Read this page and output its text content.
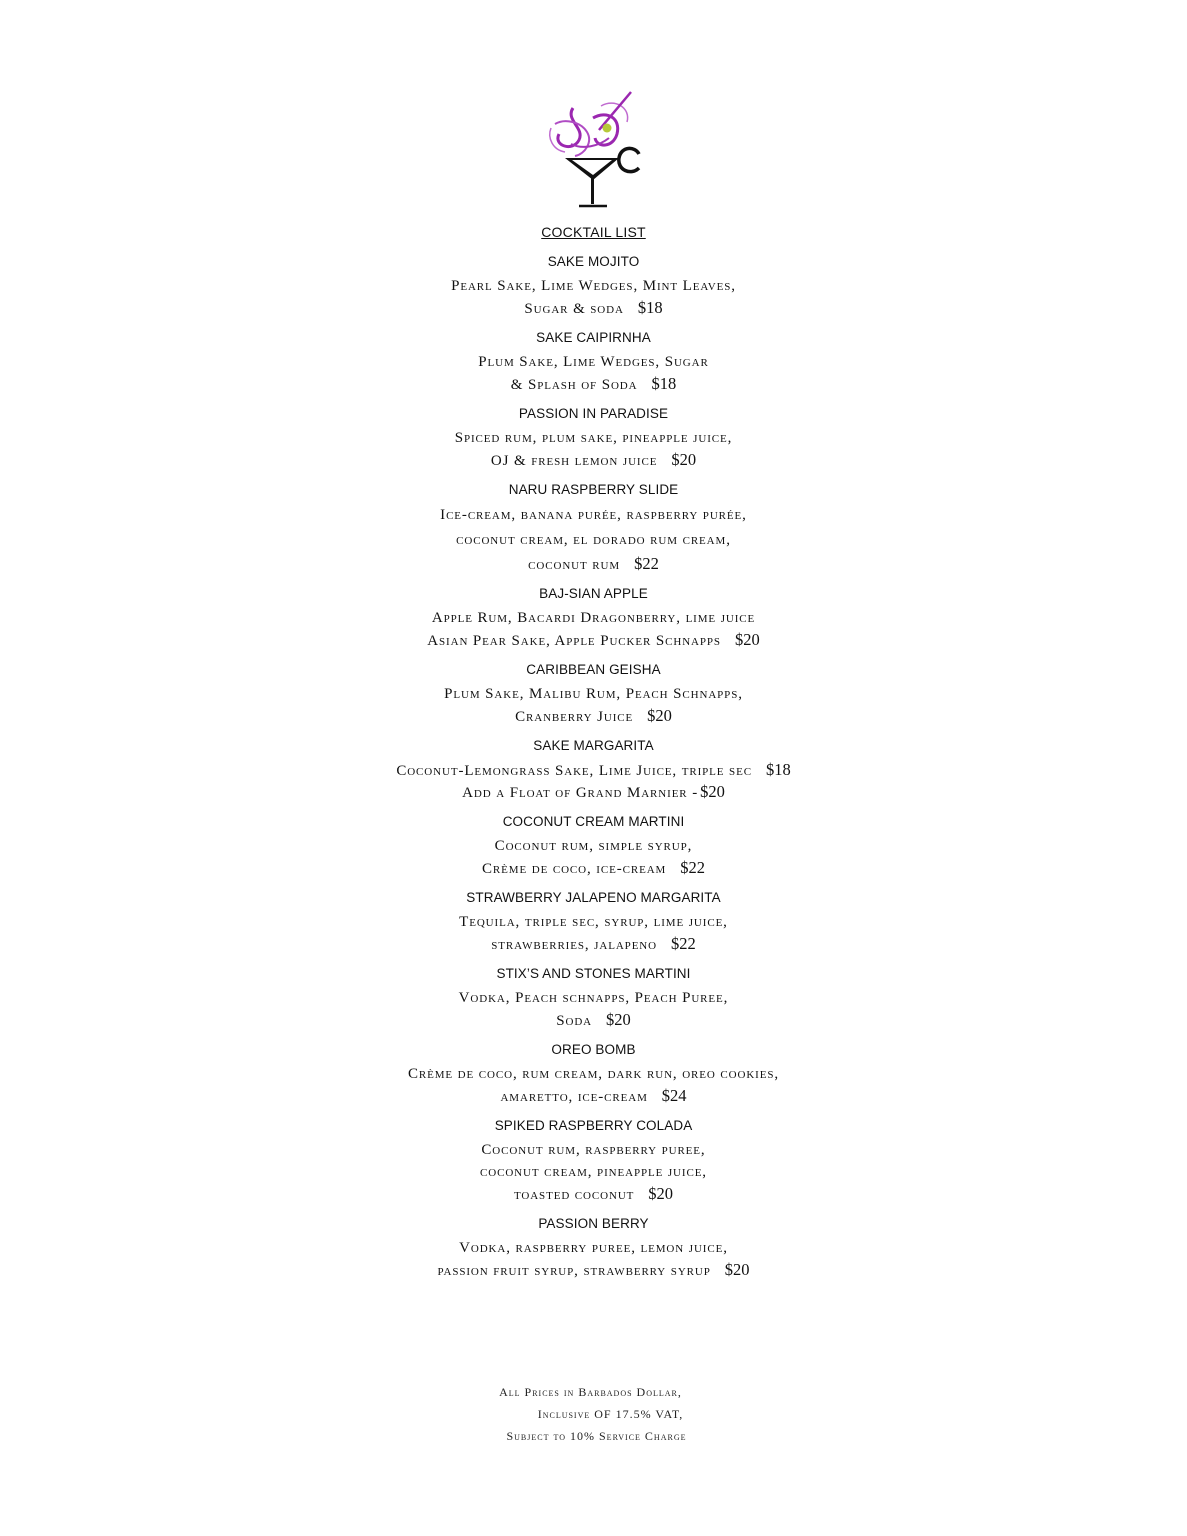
COCKTAIL LIST
SAKE MOJITO
Pearl Sake, Lime Wedges, Mint Leaves,
Sugar & soda $18
SAKE CAIPIRNHA
Plum Sake, Lime Wedges, Sugar
& Splash of Soda $18
PASSION IN PARADISE
Spiced rum, plum sake, pineapple juice,
OJ & fresh lemon juice $20
NARU RASPBERRY SLIDE
Ice-cream, banana purée, raspberry purée,
coconut cream, el dorado rum cream,
coconut rum $22
BAJ-SIAN APPLE
Apple Rum, Bacardi Dragonberry, lime juice
Asian Pear Sake, Apple Pucker Schnapps $20
CARIBBEAN GEISHA
Plum Sake, Malibu Rum, Peach Schnapps,
Cranberry Juice $20
SAKE MARGARITA
Coconut-Lemongrass Sake, Lime Juice, triple sec $18
Add a Float of Grand Marnier - $20
COCONUT CREAM MARTINI
Coconut rum, simple syrup,
Crème de coco, ice-cream $22
STRAWBERRY JALAPENO MARGARITA
Tequila, triple sec, syrup, lime juice,
strawberries, jalapeno $22
STIX’S AND STONES MARTINI
Vodka, Peach schnapps, Peach Puree,
Soda $20
OREO BOMB
Crème de coco, rum cream, dark run, oreo cookies,
amaretto, ice-cream $24
SPIKED RASPBERRY COLADA
Coconut rum, raspberry puree,
coconut cream, pineapple juice,
toasted coconut $20
PASSION BERRY
Vodka, raspberry puree, lemon juice,
passion fruit syrup, strawberry syrup $20
All Prices in Barbados Dollar,
Inclusive OF 17.5% VAT,
Subject to 10% Service Charge
